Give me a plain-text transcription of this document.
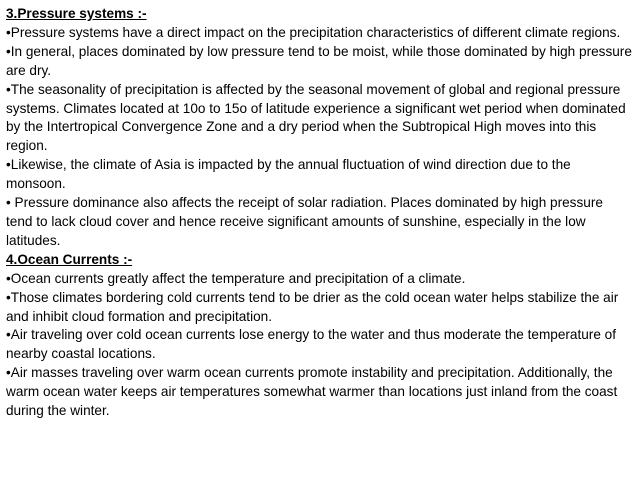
3.Pressure systems :-
•Pressure systems have a direct impact on the precipitation characteristics of different climate regions.
•In general, places dominated by low pressure tend to be moist, while those dominated by high pressure are dry.
•The seasonality of precipitation is affected by the seasonal movement of global and regional pressure systems. Climates located at 10o to 15o of latitude experience a significant wet period when dominated by the Intertropical Convergence Zone and a dry period when the Subtropical High moves into this region.
•Likewise, the climate of Asia is impacted by the annual fluctuation of wind direction due to the monsoon.
• Pressure dominance also affects the receipt of solar radiation. Places dominated by high pressure tend to lack cloud cover and hence receive significant amounts of sunshine, especially in the low latitudes.
4.Ocean Currents :-
•Ocean currents greatly affect the temperature and precipitation of a climate.
•Those climates bordering cold currents tend to be drier as the cold ocean water helps stabilize the air and inhibit cloud formation and precipitation.
•Air traveling over cold ocean currents lose energy to the water and thus moderate the temperature of nearby coastal locations.
•Air masses traveling over warm ocean currents promote instability and precipitation. Additionally, the warm ocean water keeps air temperatures somewhat warmer than locations just inland from the coast during the winter.
